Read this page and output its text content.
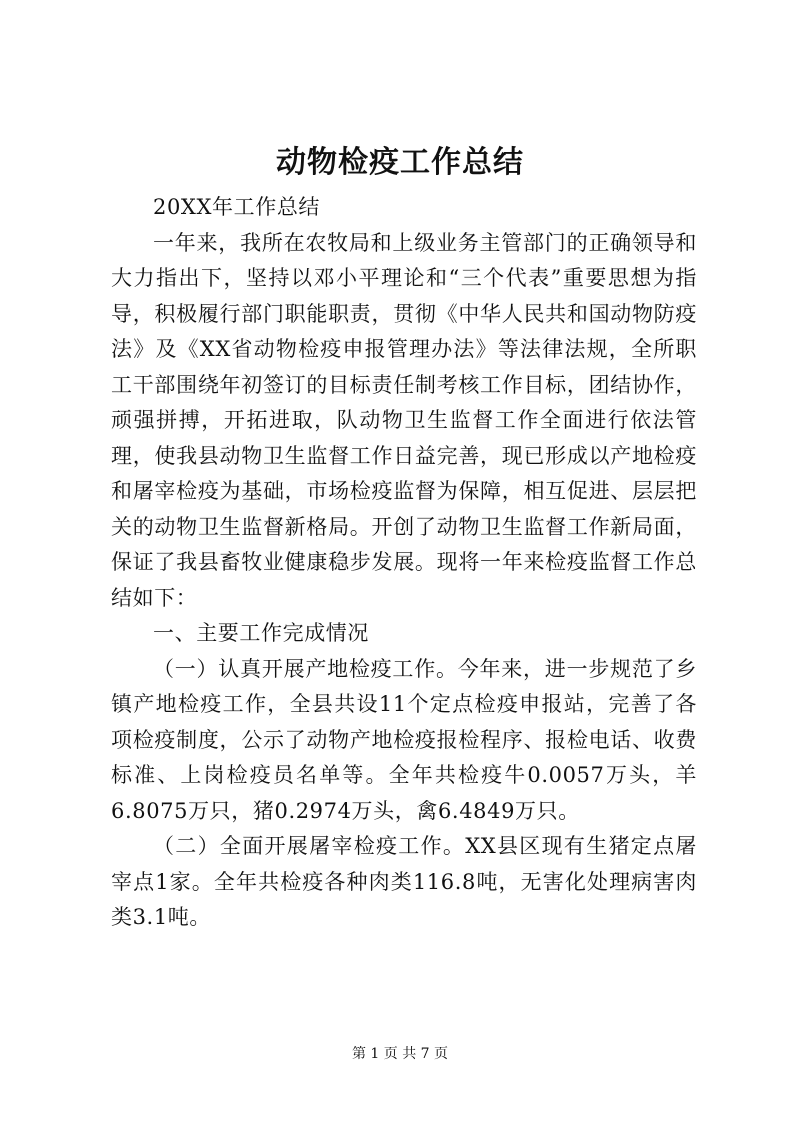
动物检疫工作总结

20XX年工作总结

一年来，我所在农牧局和上级业务主管部门的正确领导和大力指出下，坚持以邓小平理论和“三个代表”重要思想为指导，积极履行部门职能职责，贯彻《中华人民共和国动物防疫法》及《XX省动物检疫申报管理办法》等法律法规，全所职工干部围绕年初签订的目标责任制考核工作目标，团结协作，顽强拼搏，开拓进取，队动物卫生监督工作全面进行依法管理，使我县动物卫生监督工作日益完善，现已形成以产地检疫和屠宰检疫为基础，市场检疫监督为保障，相互促进、层层把关的动物卫生监督新格局。开创了动物卫生监督工作新局面，保证了我县畜牧业健康稳步发展。现将一年来检疫监督工作总结如下：

一、主要工作完成情况

（一）认真开展产地检疫工作。今年来，进一步规范了乡镇产地检疫工作，全县共设11个定点检疫申报站，完善了各项检疫制度，公示了动物产地检疫报检程序、报检电话、收费标准、上岗检疫员名单等。全年共检疫牛0.0057万头，羊6.8075万只，猪0.2974万头，禽6.4849万只。

（二）全面开展屠宰检疫工作。XX县区现有生猪定点屠宰点1家。全年共检疫各种肉类116.8吨，无害化处理病害肉类3.1吨。

第 1 页 共 7 页
